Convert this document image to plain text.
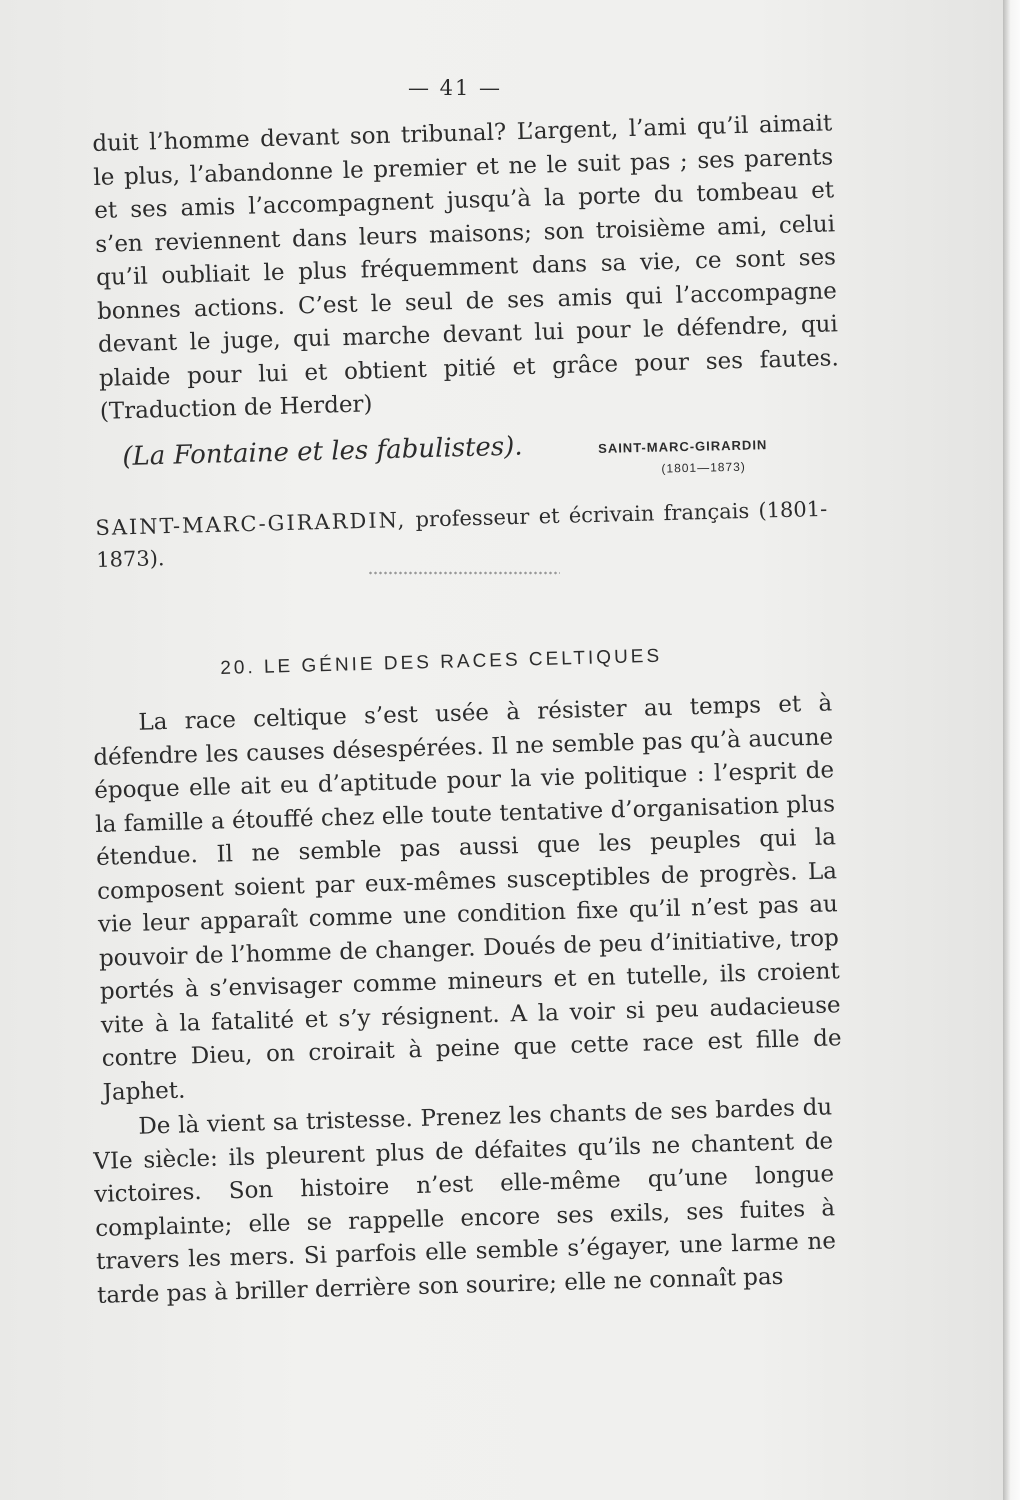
— 41 —

duit l’homme devant son tribunal? L’argent, l’ami qu’il aimait le plus, l’abandonne le premier et ne le suit pas ; ses parents et ses amis l’accompagnent jusqu’à la porte du tombeau et s’en reviennent dans leurs maisons; son troisième ami, celui qu’il oubliait le plus fréquemment dans sa vie, ce sont ses bonnes actions. C’est le seul de ses amis qui l’accompagne devant le juge, qui marche devant lui pour le défendre, qui plaide pour lui et obtient pitié et grâce pour ses fautes. (Traduction de Herder)

(La Fontaine et les fabulistes).	SAINT-MARC-GIRARDIN
(1801—1873)
SAINT-MARC-GIRARDIN, professeur et écrivain français (1801-1873).
20. LE GÉNIE DES RACES CELTIQUES

La race celtique s’est usée à résister au temps et à défendre les causes désespérées. Il ne semble pas qu’à aucune époque elle ait eu d’aptitude pour la vie politique : l’esprit de la famille a étouffé chez elle toute tentative d’organisation plus étendue. Il ne semble pas aussi que les peuples qui la composent soient par eux-mêmes susceptibles de progrès. La vie leur apparaît comme une condition fixe qu’il n’est pas au pouvoir de l’homme de changer. Doués de peu d’initiative, trop portés à s’envisager comme mineurs et en tutelle, ils croient vite à la fatalité et s’y résignent. A la voir si peu audacieuse contre Dieu, on croirait à peine que cette race est fille de Japhet.

De là vient sa tristesse. Prenez les chants de ses bardes du VIe siècle: ils pleurent plus de défaites qu’ils ne chantent de victoires. Son histoire n’est elle-même qu’une longue complainte; elle se rappelle encore ses exils, ses fuites à travers les mers. Si parfois elle semble s’égayer, une larme ne tarde pas à briller derrière son sourire; elle ne connaît pas
